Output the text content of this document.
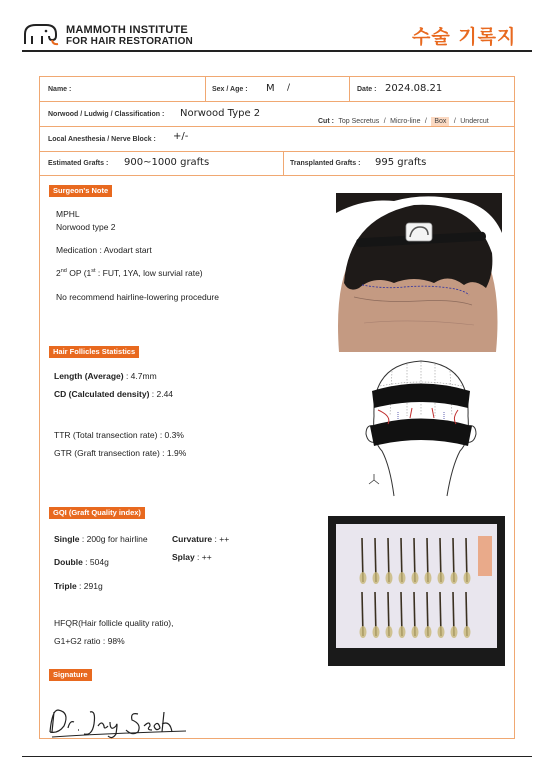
MAMMOTH INSTITUTE
FOR HAIR RESTORATION	수술 기록지
Name :	Sex / Age : M /	Date : 2024.08.21
Norwood / Ludwig / Classification : Norwood Type 2
Cut : Top Secretus / Micro-line / Box / Undercut
Local Anesthesia / Nerve Block : +/-
Estimated Grafts : 900~1000 grafts	Transplanted Grafts : 995 grafts
Surgeon's Note
MPHL
Norwood type 2
Medication : Avodart start
2nd OP (1st : FUT, 1YA, low survial rate)
No recommend hairline-lowering procedure
Hair Follicles Statistics
Length (Average) : 4.7mm
CD (Calculated density) : 2.44
TTR (Total transection rate) : 0.3%
GTR (Graft transection rate) : 1.9%
GQI (Graft Quality index)
Single : 200g for hairline	Curvature : ++
Splay : ++
Double : 504g
Triple : 291g
HFQR(Hair follicle quality ratio),
G1+G2 ratio : 98%
Signature
